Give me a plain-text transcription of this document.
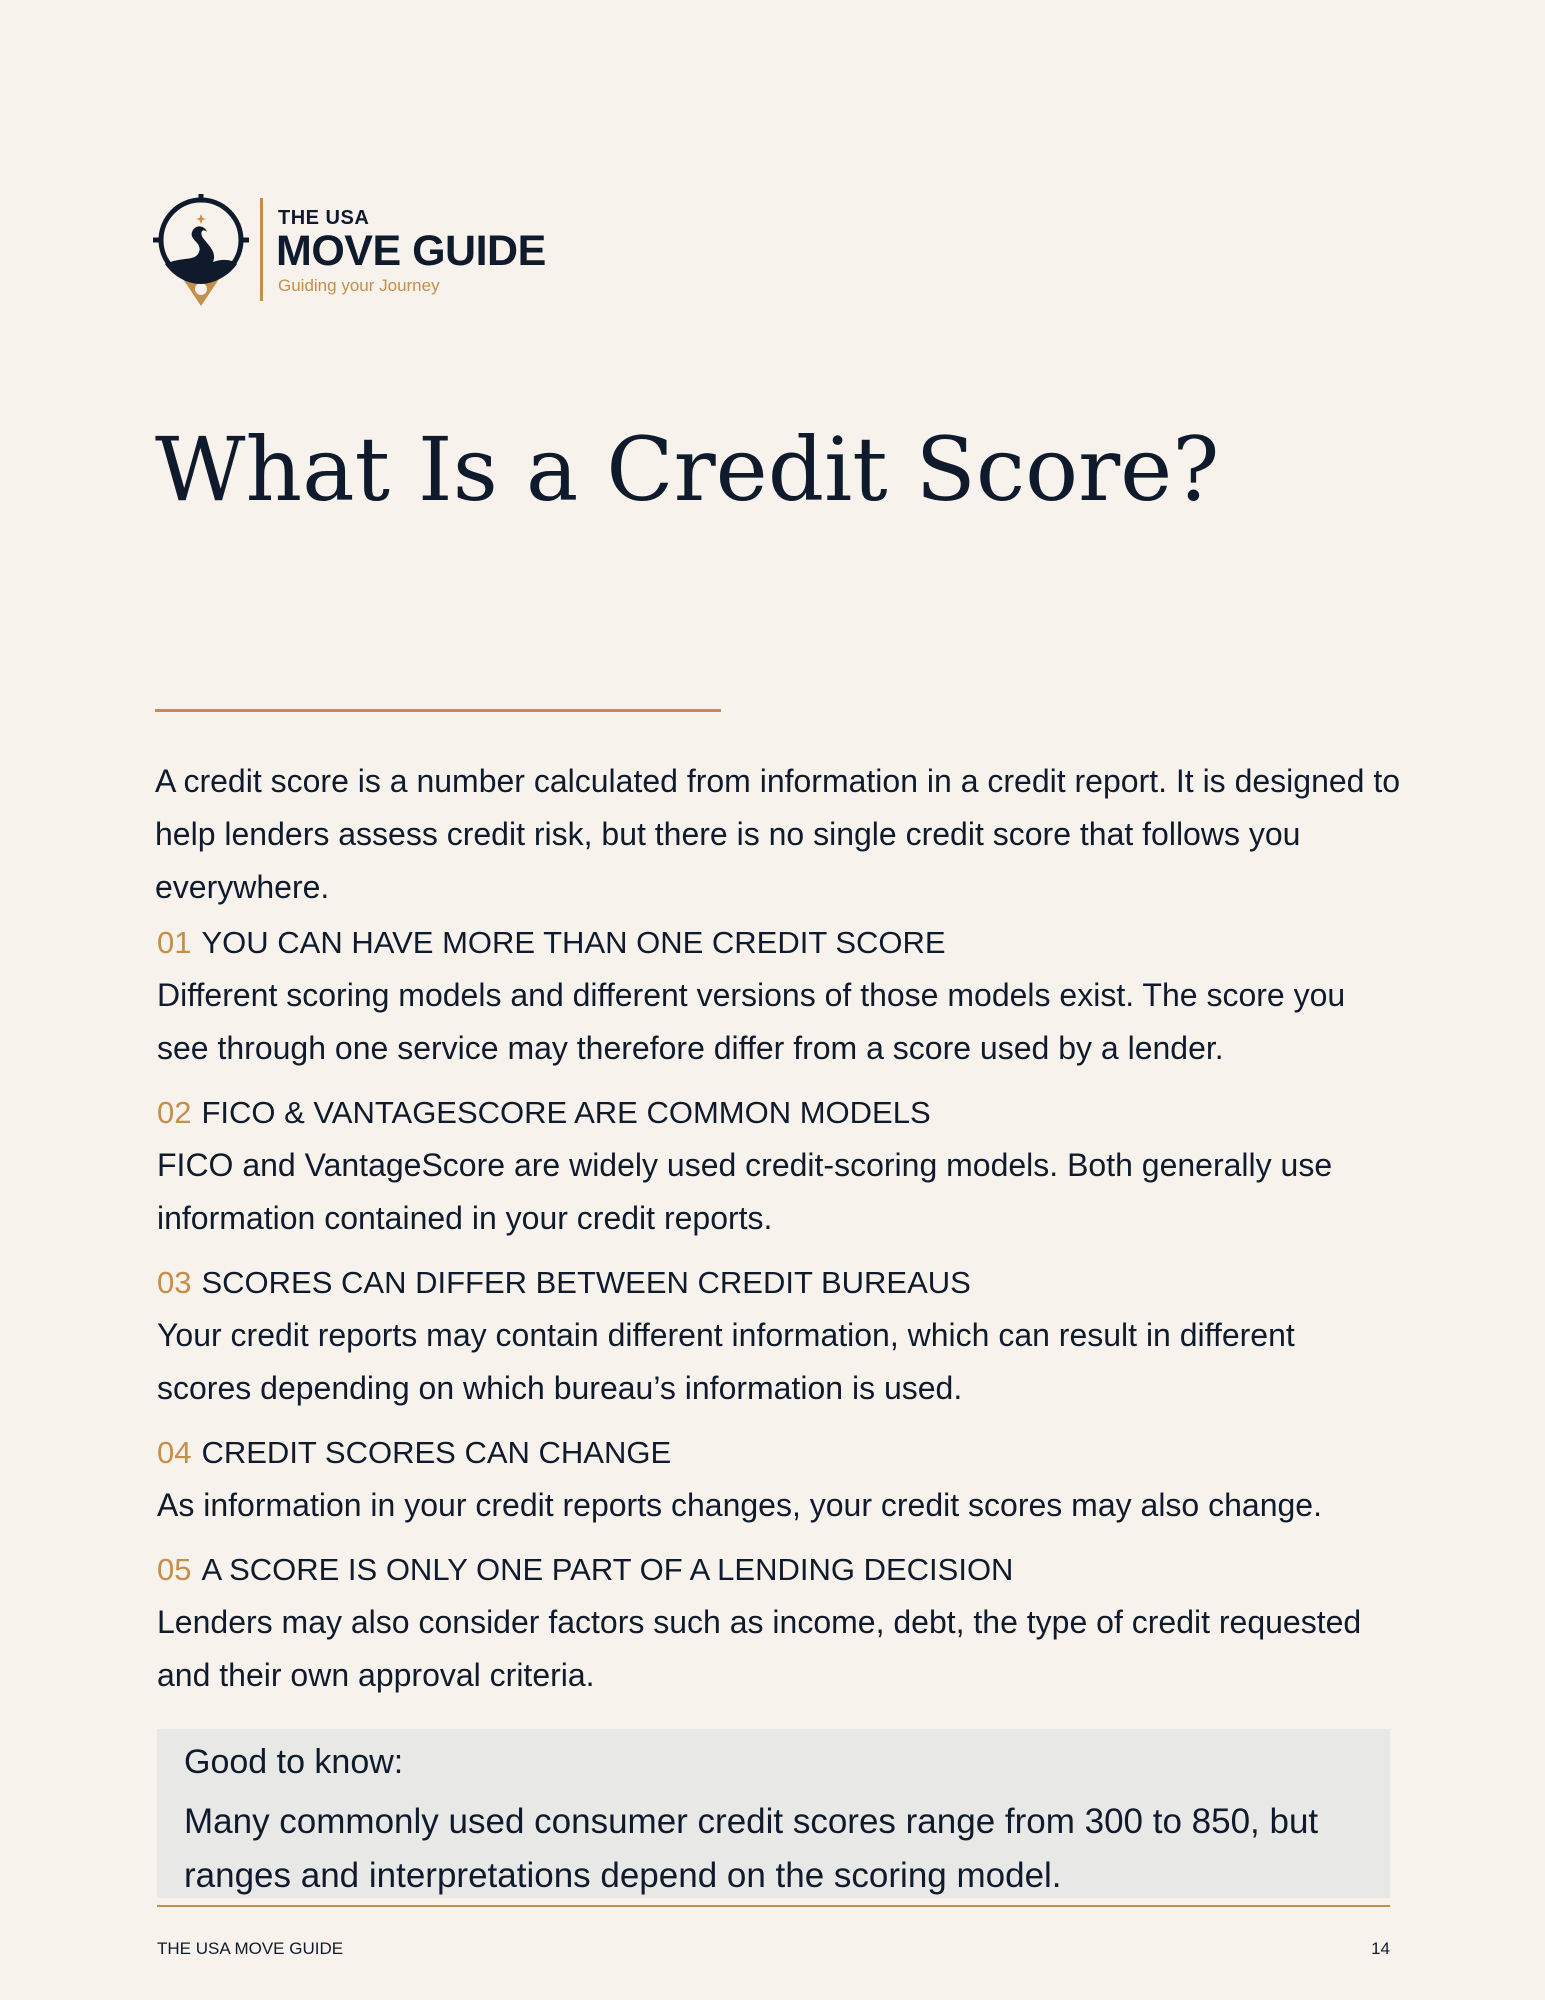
THE USA
MOVE GUIDE
Guiding your Journey
What Is a Credit Score?

A credit score is a number calculated from information in a credit report. It is designed to help lenders assess credit risk, but there is no single credit score that follows you everywhere.

01 YOU CAN HAVE MORE THAN ONE CREDIT SCORE

Different scoring models and different versions of those models exist. The score you see through one service may therefore differ from a score used by a lender.

02 FICO & VANTAGESCORE ARE COMMON MODELS

FICO and VantageScore are widely used credit-scoring models. Both generally use information contained in your credit reports.

03 SCORES CAN DIFFER BETWEEN CREDIT BUREAUS

Your credit reports may contain different information, which can result in different scores depending on which bureau’s information is used.

04 CREDIT SCORES CAN CHANGE

As information in your credit reports changes, your credit scores may also change.

05 A SCORE IS ONLY ONE PART OF A LENDING DECISION

Lenders may also consider factors such as income, debt, the type of credit requested and their own approval criteria.

Good to know:

Many commonly used consumer credit scores range from 300 to 850, but ranges and interpretations depend on the scoring model.

THE USA MOVE GUIDE	14
